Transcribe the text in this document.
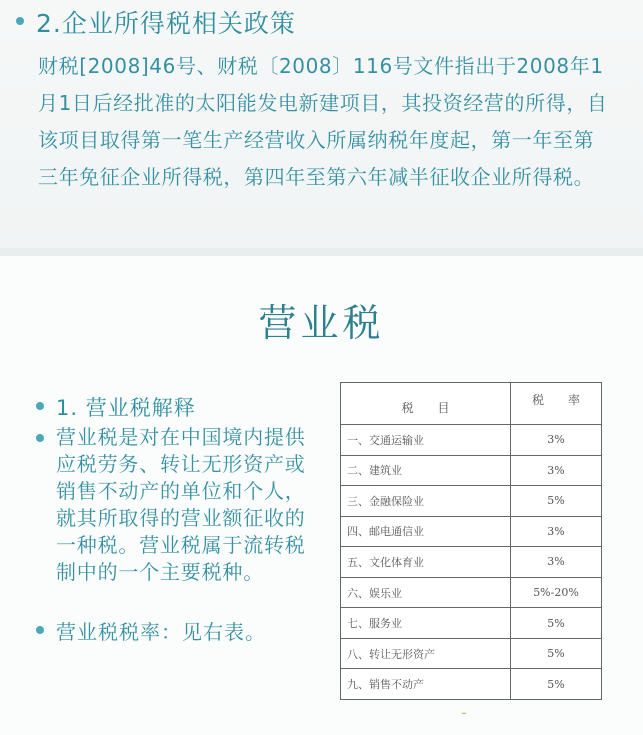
2.企业所得税相关政策
财税[2008]46号、财税〔2008〕116号文件指出于2008年1月1日后经批准的太阳能发电新建项目，其投资经营的所得，自该项目取得第一笔生产经营收入所属纳税年度起，第一年至第三年免征企业所得税，第四年至第六年减半征收企业所得税。
营业税
1. 营业税解释
营业税是对在中国境内提供应税劳务、转让无形资产或销售不动产的单位和个人，就其所取得的营业额征收的一种税。营业税属于流转税制中的一个主要税种。
营业税税率：见右表。
税　　目	税　　率
一、交通运输业	3%
二、建筑业	3%
三、金融保险业	5%
四、邮电通信业	3%
五、文化体育业	3%
六、娱乐业	5%-20%
七、服务业	5%
八、转让无形资产	5%
九、销售不动产	5%
ـ
